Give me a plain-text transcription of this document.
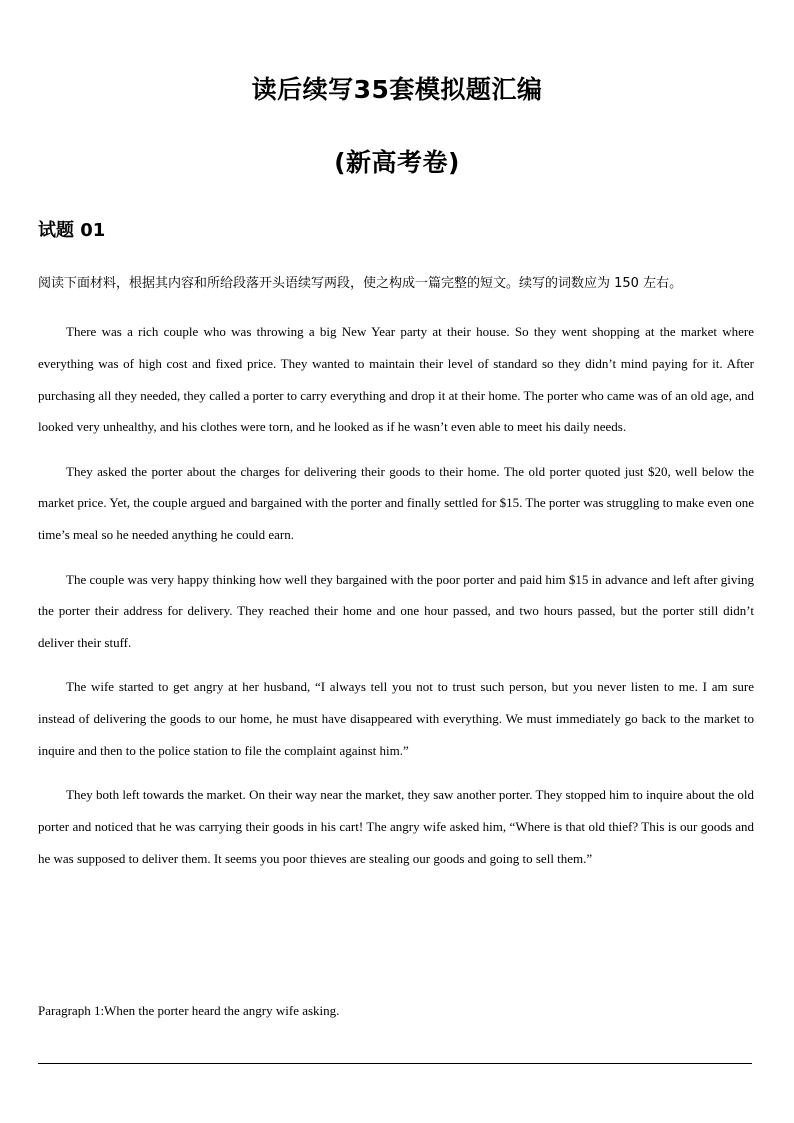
读后续写35套模拟题汇编
(新高考卷)
试题 01
阅读下面材料，根据其内容和所给段落开头语续写两段，使之构成一篇完整的短文。续写的词数应为 150 左右。

There was a rich couple who was throwing a big New Year party at their house. So they went shopping at the market where everything was of high cost and fixed price. They wanted to maintain their level of standard so they didn’t mind paying for it. After purchasing all they needed, they called a porter to carry everything and drop it at their home. The porter who came was of an old age, and looked very unhealthy, and his clothes were torn, and he looked as if he wasn’t even able to meet his daily needs.

They asked the porter about the charges for delivering their goods to their home. The old porter quoted just $20, well below the market price. Yet, the couple argued and bargained with the porter and finally settled for $15. The porter was struggling to make even one time’s meal so he needed anything he could earn.

The couple was very happy thinking how well they bargained with the poor porter and paid him $15 in advance and left after giving the porter their address for delivery. They reached their home and one hour passed, and two hours passed, but the porter still didn’t deliver their stuff.

The wife started to get angry at her husband, “I always tell you not to trust such person, but you never listen to me. I am sure instead of delivering the goods to our home, he must have disappeared with everything. We must immediately go back to the market to inquire and then to the police station to file the complaint against him.”

They both left towards the market. On their way near the market, they saw another porter. They stopped him to inquire about the old porter and noticed that he was carrying their goods in his cart! The angry wife asked him, “Where is that old thief? This is our goods and he was supposed to deliver them. It seems you poor thieves are stealing our goods and going to sell them.”

Paragraph 1:When the porter heard the angry wife asking.
